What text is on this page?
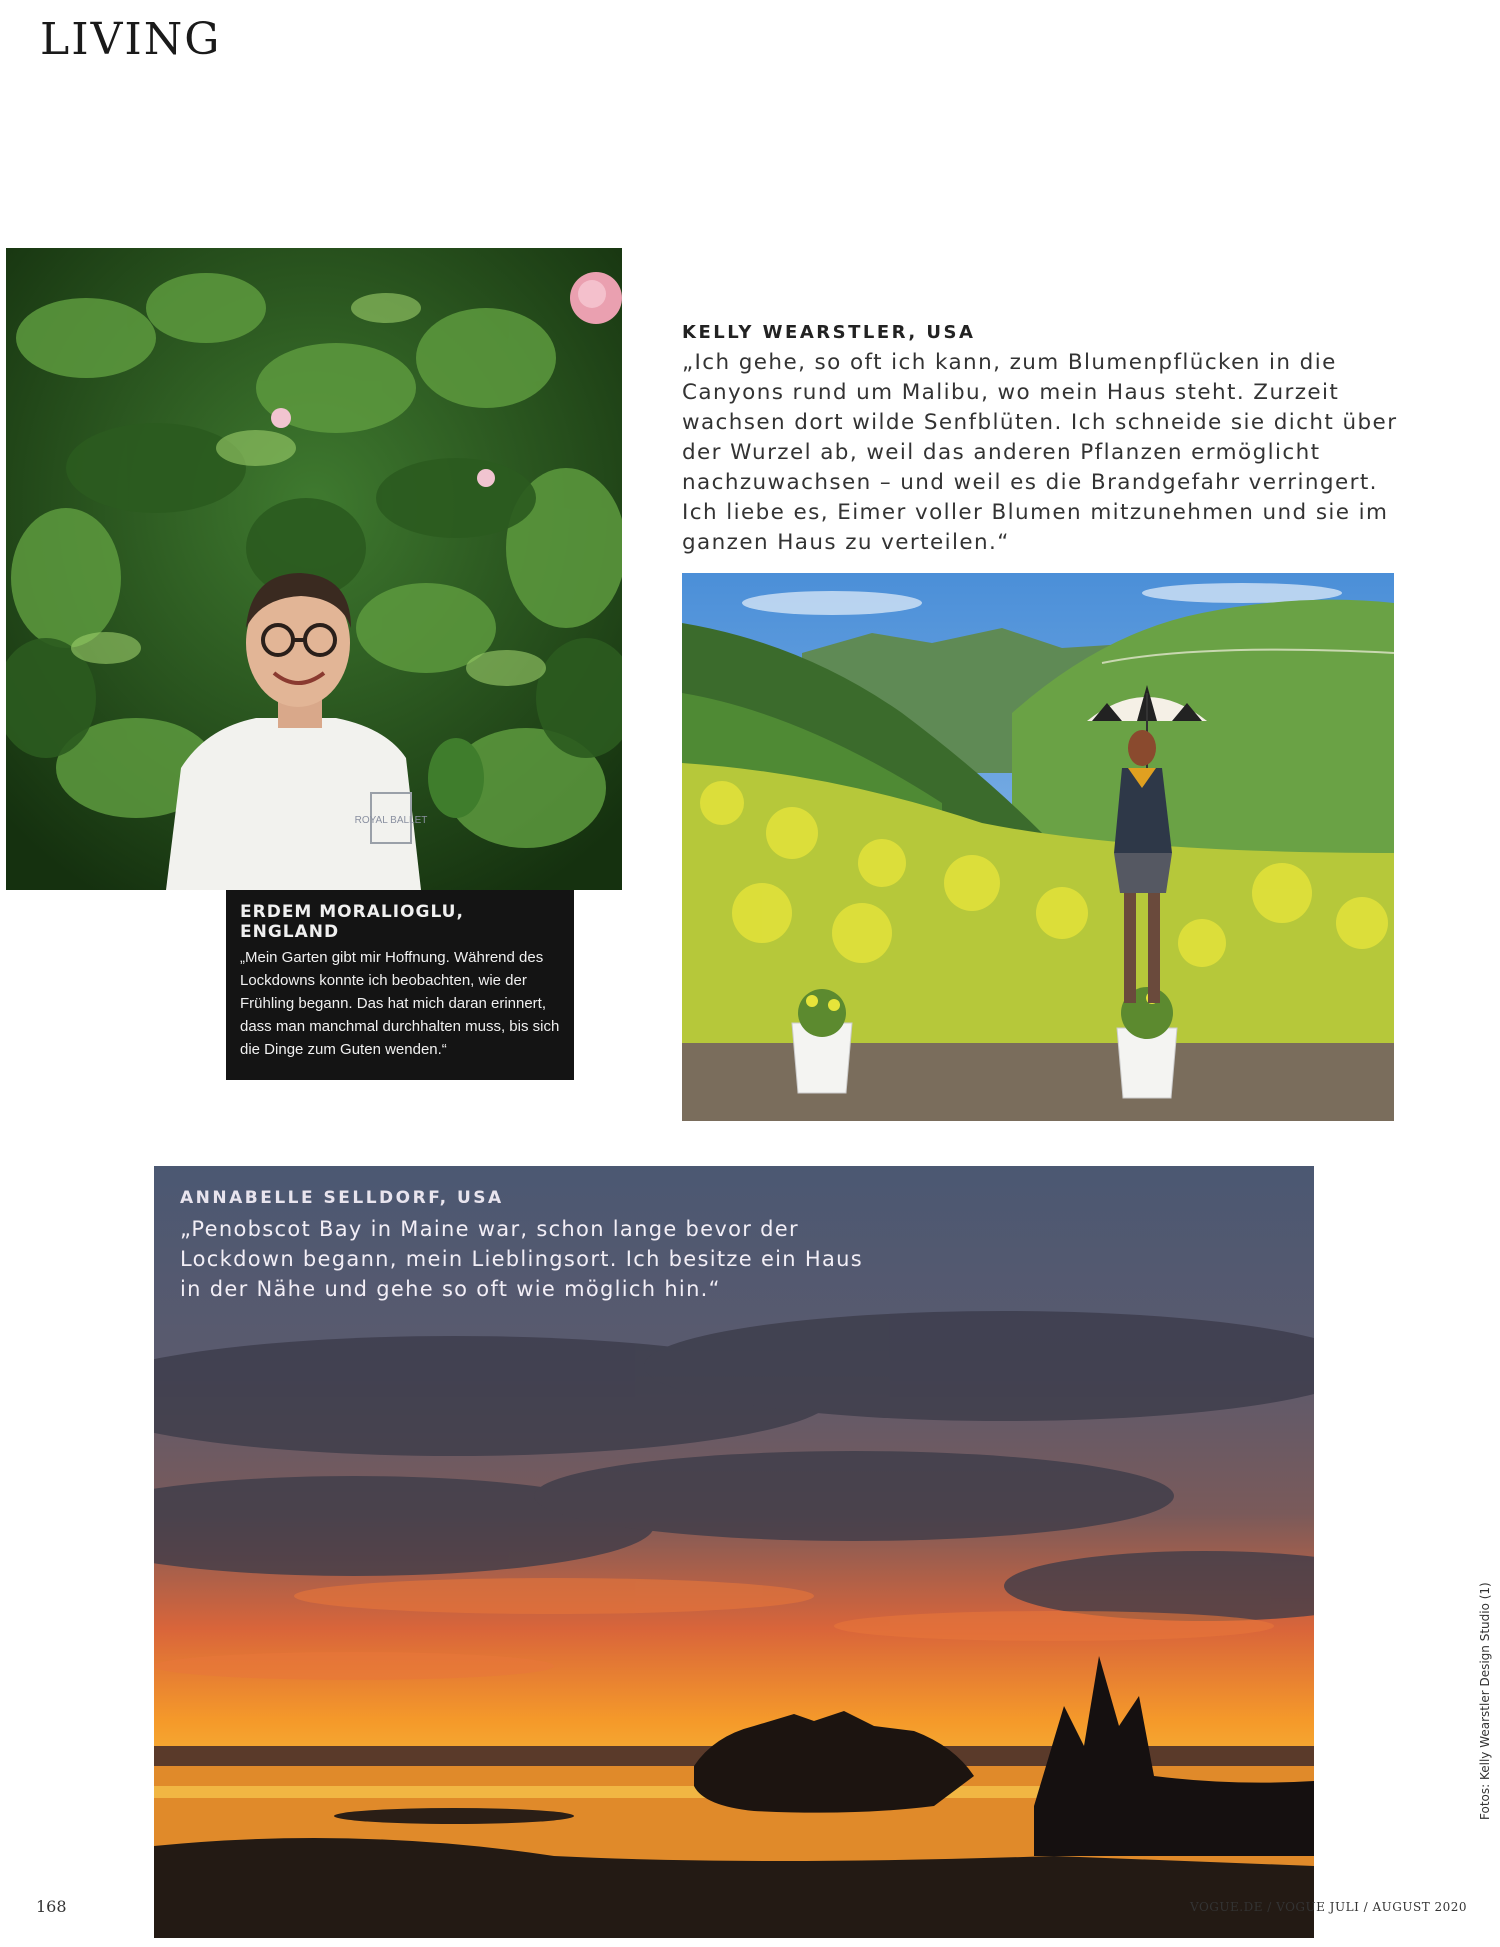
LIVING
ROYAL BALLET
ERDEM MORALIOGLU, ENGLAND
„Mein Garten gibt mir Hoffnung. Während des Lockdowns konnte ich beobachten, wie der Frühling begann. Das hat mich daran erinnert, dass man manchmal durchhalten muss, bis sich die Dinge zum Guten wenden.“
KELLY WEARSTLER, USA
„Ich gehe, so oft ich kann, zum Blumenpflücken in die Canyons rund um Malibu, wo mein Haus steht. Zurzeit wachsen dort wilde Senfblüten. Ich schneide sie dicht über der Wurzel ab, weil das anderen Pflanzen ermöglicht nachzuwachsen – und weil es die Brandgefahr verringert. Ich liebe es, Eimer voller Blumen mitzunehmen und sie im ganzen Haus zu verteilen.“
ANNABELLE SELLDORF, USA
„Penobscot Bay in Maine war, schon lange bevor der Lockdown begann, mein Lieblingsort. Ich besitze ein Haus in der Nähe und gehe so oft wie möglich hin.“
168	VOGUE.DE / VOGUE JULI / AUGUST 2020
Fotos: Kelly Wearstler Design Studio (1)
